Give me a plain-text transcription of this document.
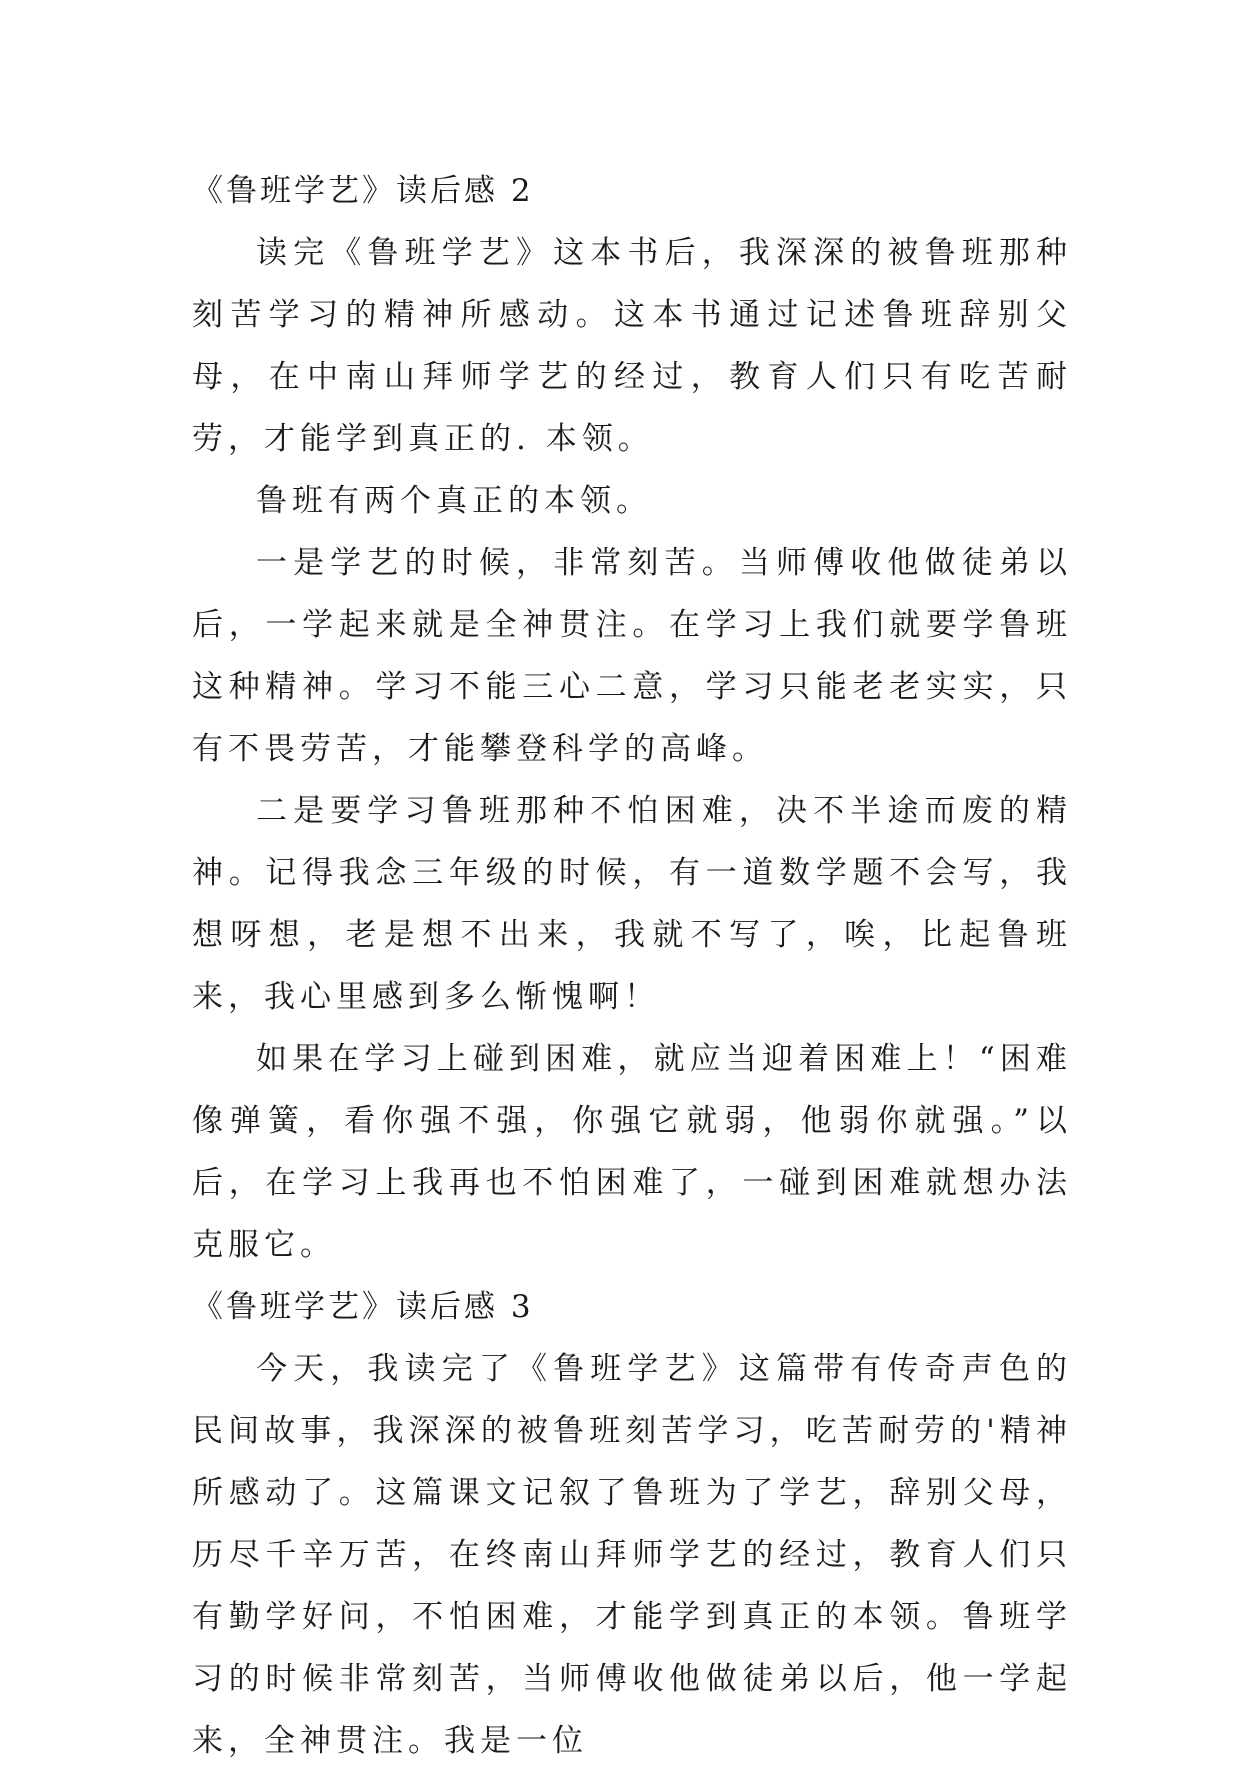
《鲁班学艺》读后感 2

读完《鲁班学艺》这本书后，我深深的被鲁班那种刻苦学习的精神所感动。这本书通过记述鲁班辞别父母，在中南山拜师学艺的经过，教育人们只有吃苦耐劳，才能学到真正的. 本领。

鲁班有两个真正的本领。

一是学艺的时候，非常刻苦。当师傅收他做徒弟以后，一学起来就是全神贯注。在学习上我们就要学鲁班这种精神。学习不能三心二意，学习只能老老实实，只有不畏劳苦，才能攀登科学的高峰。

二是要学习鲁班那种不怕困难，决不半途而废的精神。记得我念三年级的时候，有一道数学题不会写，我想呀想，老是想不出来，我就不写了，唉，比起鲁班来，我心里感到多么惭愧啊！

如果在学习上碰到困难，就应当迎着困难上！“困难像弹簧，看你强不强，你强它就弱，他弱你就强。”以后，在学习上我再也不怕困难了，一碰到困难就想办法克服它。

《鲁班学艺》读后感 3

今天，我读完了《鲁班学艺》这篇带有传奇声色的民间故事，我深深的被鲁班刻苦学习，吃苦耐劳的'精神所感动了。这篇课文记叙了鲁班为了学艺，辞别父母，历尽千辛万苦，在终南山拜师学艺的经过，教育人们只有勤学好问，不怕困难，才能学到真正的本领。鲁班学习的时候非常刻苦，当师傅收他做徒弟以后，他一学起来，全神贯注。我是一位
